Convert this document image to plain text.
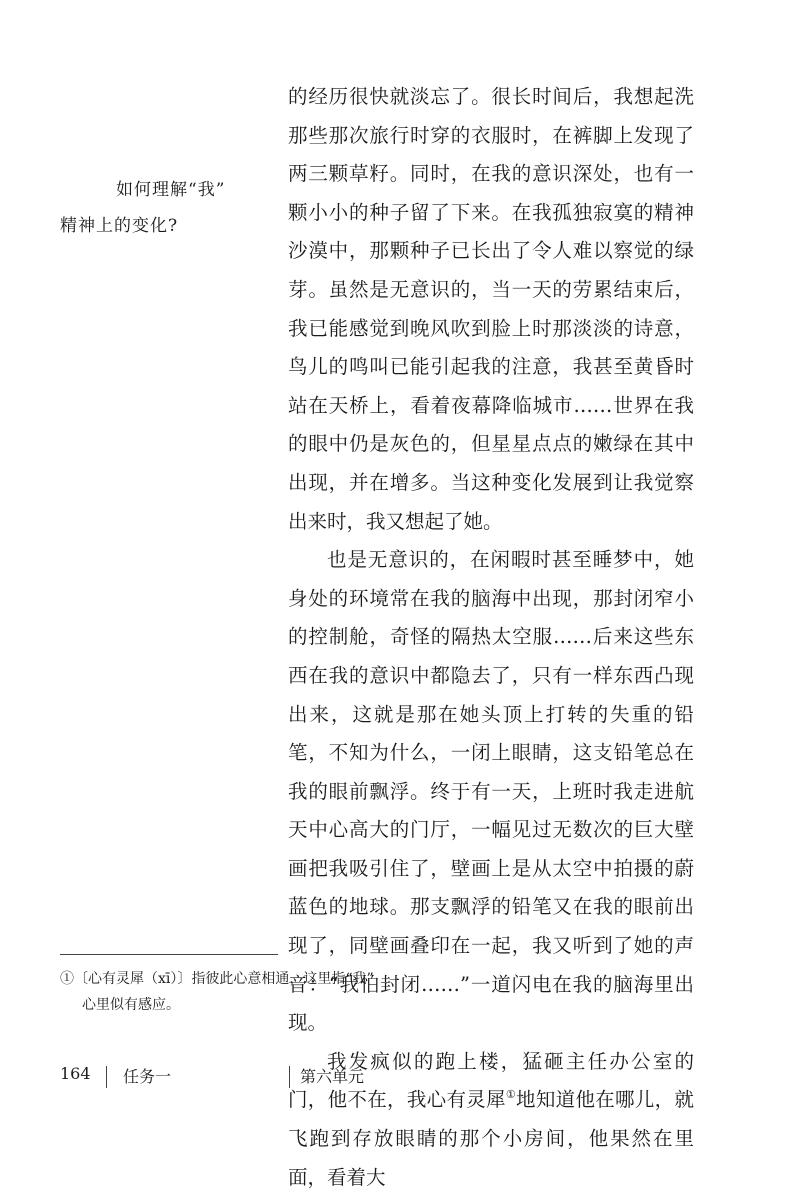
如何理解“我”
精神上的变化?

的经历很快就淡忘了。很长时间后，我想起洗那些那次旅行时穿的衣服时，在裤脚上发现了两三颗草籽。同时，在我的意识深处，也有一颗小小的种子留了下来。在我孤独寂寞的精神沙漠中，那颗种子已长出了令人难以察觉的绿芽。虽然是无意识的，当一天的劳累结束后，我已能感觉到晚风吹到脸上时那淡淡的诗意，鸟儿的鸣叫已能引起我的注意，我甚至黄昏时站在天桥上，看着夜幕降临城市……世界在我的眼中仍是灰色的，但星星点点的嫩绿在其中出现，并在增多。当这种变化发展到让我觉察出来时，我又想起了她。

也是无意识的，在闲暇时甚至睡梦中，她身处的环境常在我的脑海中出现，那封闭窄小的控制舱，奇怪的隔热太空服……后来这些东西在我的意识中都隐去了，只有一样东西凸现出来，这就是那在她头顶上打转的失重的铅笔，不知为什么，一闭上眼睛，这支铅笔总在我的眼前飘浮。终于有一天，上班时我走进航天中心高大的门厅，一幅见过无数次的巨大壁画把我吸引住了，壁画上是从太空中拍摄的蔚蓝色的地球。那支飘浮的铅笔又在我的眼前出现了，同壁画叠印在一起，我又听到了她的声音：“我怕封闭……”一道闪电在我的脑海里出现。

我发疯似的跑上楼，猛砸主任办公室的门，他不在，我心有灵犀①地知道他在哪儿，就飞跑到存放眼睛的那个小房间，他果然在里面，看着大

①〔心有灵犀（xī）〕指彼此心意相通，这里指“我”
心里似有感应。
164 任务一	第六单元
